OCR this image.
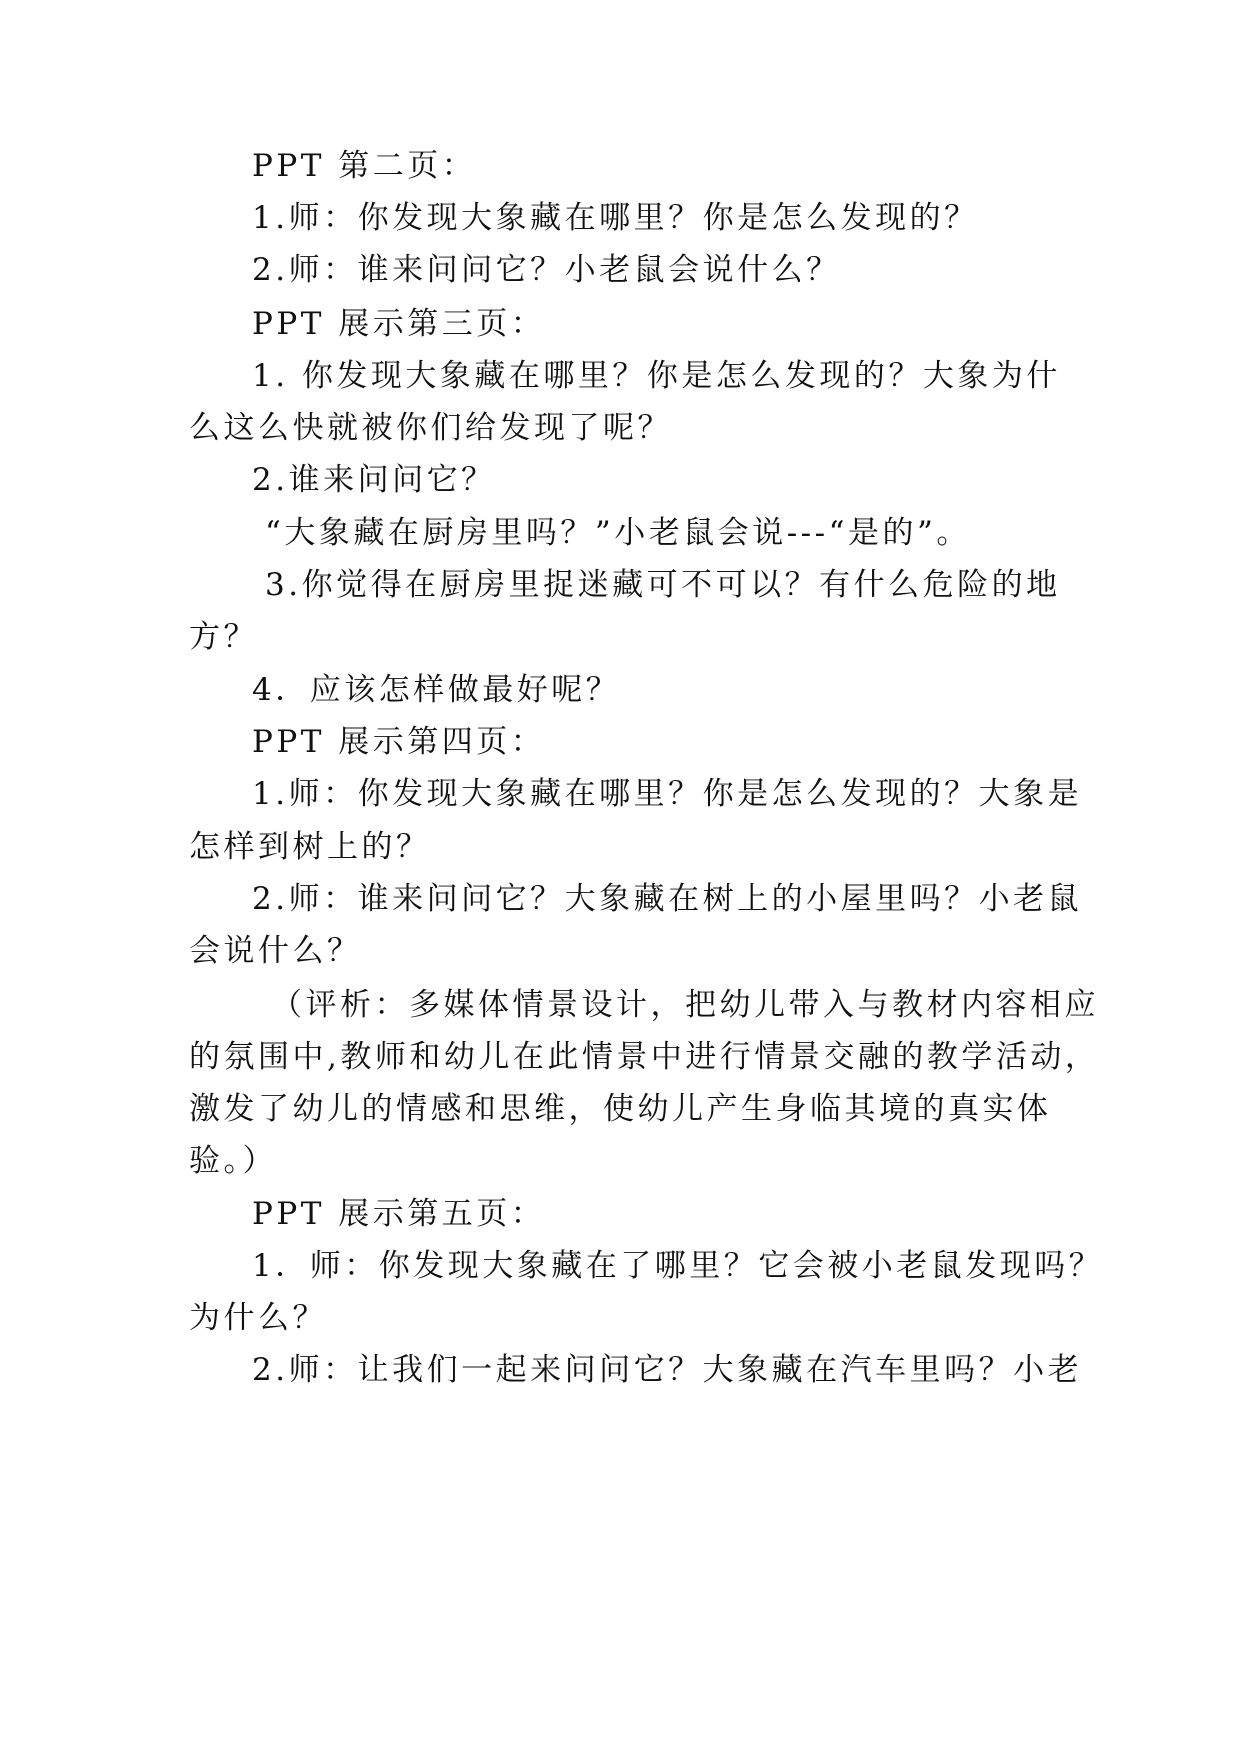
PPT 第二页：
1.师：你发现大象藏在哪里？你是怎么发现的？
2.师：谁来问问它？小老鼠会说什么？
PPT 展示第三页：
1. 你发现大象藏在哪里？你是怎么发现的？大象为什
么这么快就被你们给发现了呢？
2.谁来问问它？
“大象藏在厨房里吗？”小老鼠会说---“是的”。
3.你觉得在厨房里捉迷藏可不可以？有什么危险的地
方？
4．应该怎样做最好呢？
PPT 展示第四页：
1.师：你发现大象藏在哪里？你是怎么发现的？大象是
怎样到树上的？
2.师：谁来问问它？大象藏在树上的小屋里吗？小老鼠
会说什么？
（评析：多媒体情景设计，把幼儿带入与教材内容相应
的氛围中,教师和幼儿在此情景中进行情景交融的教学活动，
激发了幼儿的情感和思维，使幼儿产生身临其境的真实体
验。）
PPT 展示第五页：
1．师：你发现大象藏在了哪里？它会被小老鼠发现吗？
为什么？
2.师：让我们一起来问问它？大象藏在汽车里吗？小老
